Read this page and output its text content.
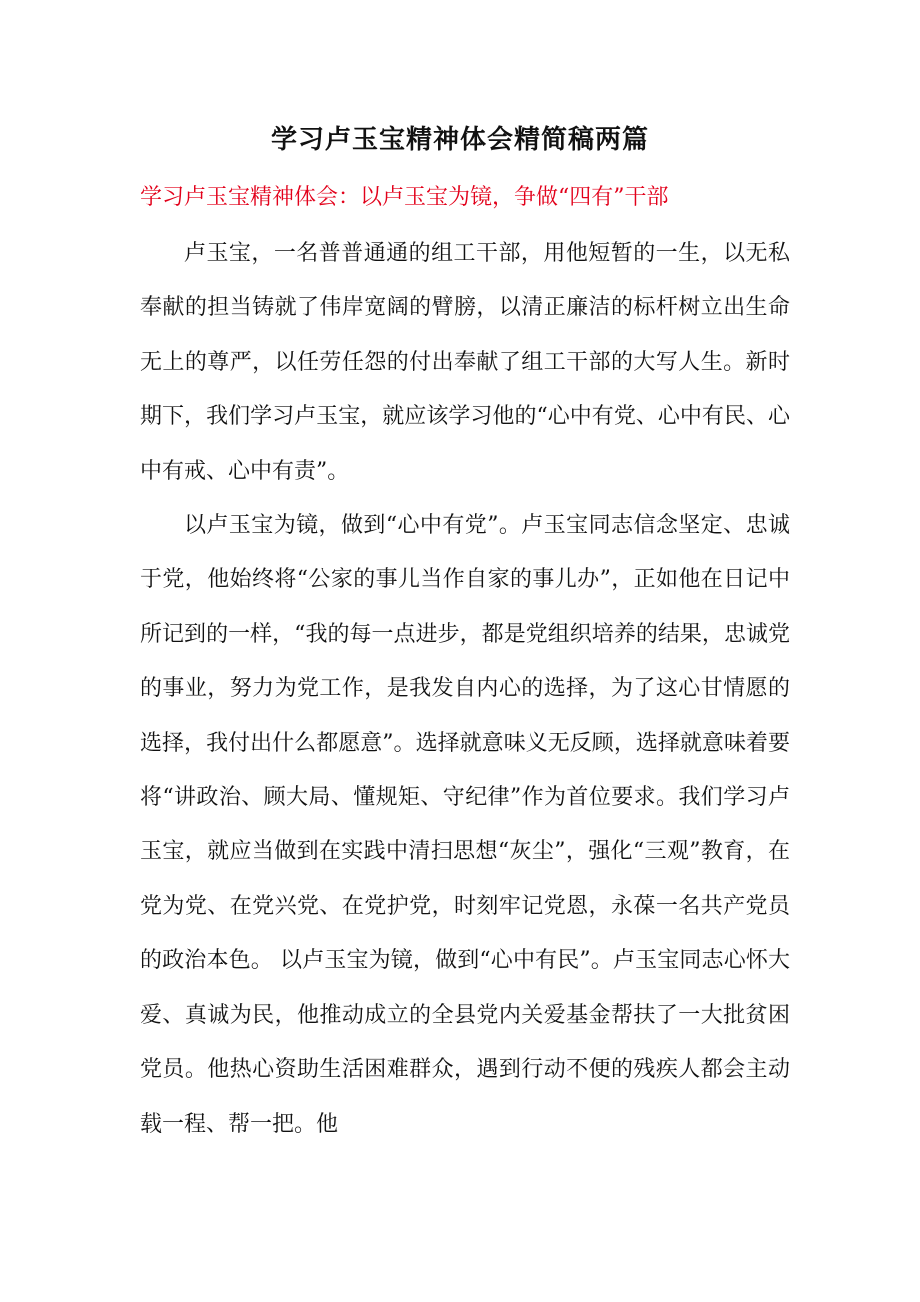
学习卢玉宝精神体会精简稿两篇
学习卢玉宝精神体会：以卢玉宝为镜，争做“四有”干部

卢玉宝，一名普普通通的组工干部，用他短暂的一生，以无私奉献的担当铸就了伟岸宽阔的臂膀，以清正廉洁的标杆树立出生命无上的尊严，以任劳任怨的付出奉献了组工干部的大写人生。新时期下，我们学习卢玉宝，就应该学习他的“心中有党、心中有民、心中有戒、心中有责”。

以卢玉宝为镜，做到“心中有党”。卢玉宝同志信念坚定、忠诚于党，他始终将“公家的事儿当作自家的事儿办”，正如他在日记中所记到的一样，“我的每一点进步，都是党组织培养的结果，忠诚党的事业，努力为党工作，是我发自内心的选择，为了这心甘情愿的选择，我付出什么都愿意”。选择就意味义无反顾，选择就意味着要将“讲政治、顾大局、懂规矩、守纪律”作为首位要求。我们学习卢玉宝，就应当做到在实践中清扫思想“灰尘”，强化“三观”教育，在党为党、在党兴党、在党护党，时刻牢记党恩，永葆一名共产党员的政治本色。 以卢玉宝为镜，做到“心中有民”。卢玉宝同志心怀大爱、真诚为民，他推动成立的全县党内关爱基金帮扶了一大批贫困党员。他热心资助生活困难群众，遇到行动不便的残疾人都会主动载一程、帮一把。他
